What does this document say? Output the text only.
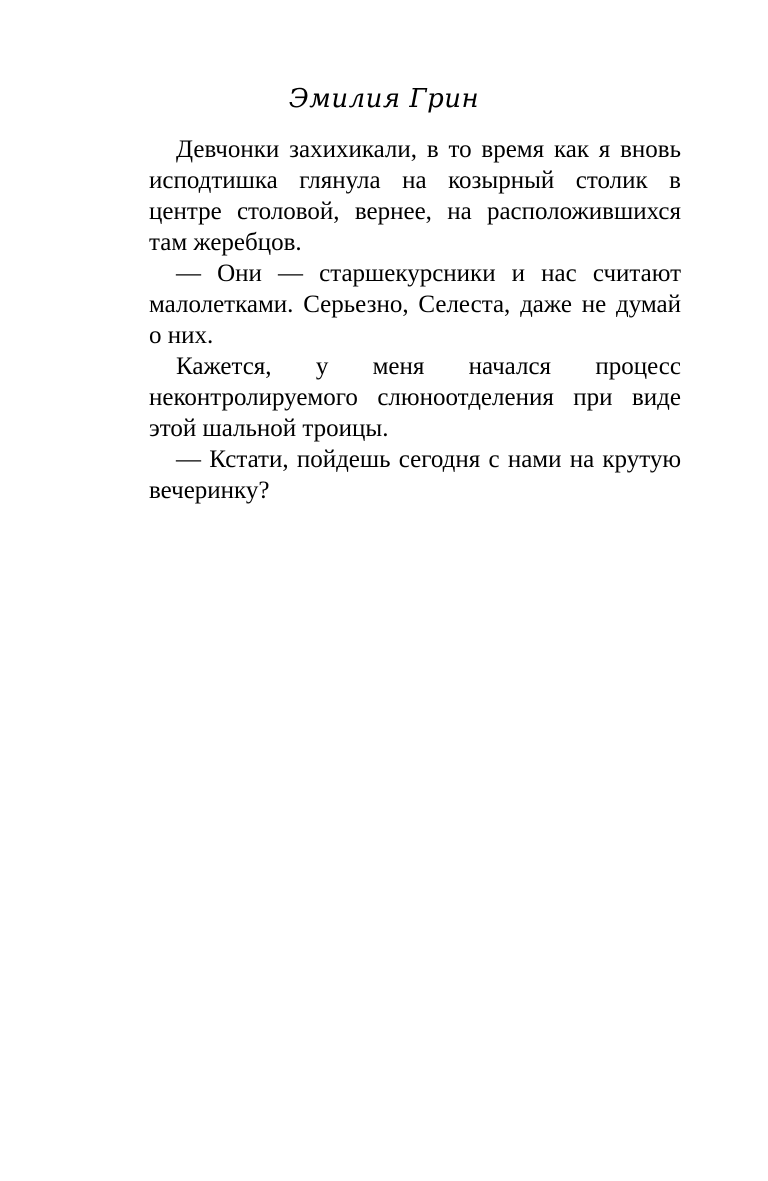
Эмилия Грин

Девчонки захихикали, в то время как я вновь исподтишка глянула на козырный столик в центре столовой, вернее, на расположившихся там жеребцов.

— Они — старшекурсники и нас считают малолетками. Серьезно, Селеста, даже не думай о них.

Кажется, у меня начался процесс неконтролируемого слюноотделения при виде этой шальной троицы.

— Кстати, пойдешь сегодня с нами на крутую вечеринку?
